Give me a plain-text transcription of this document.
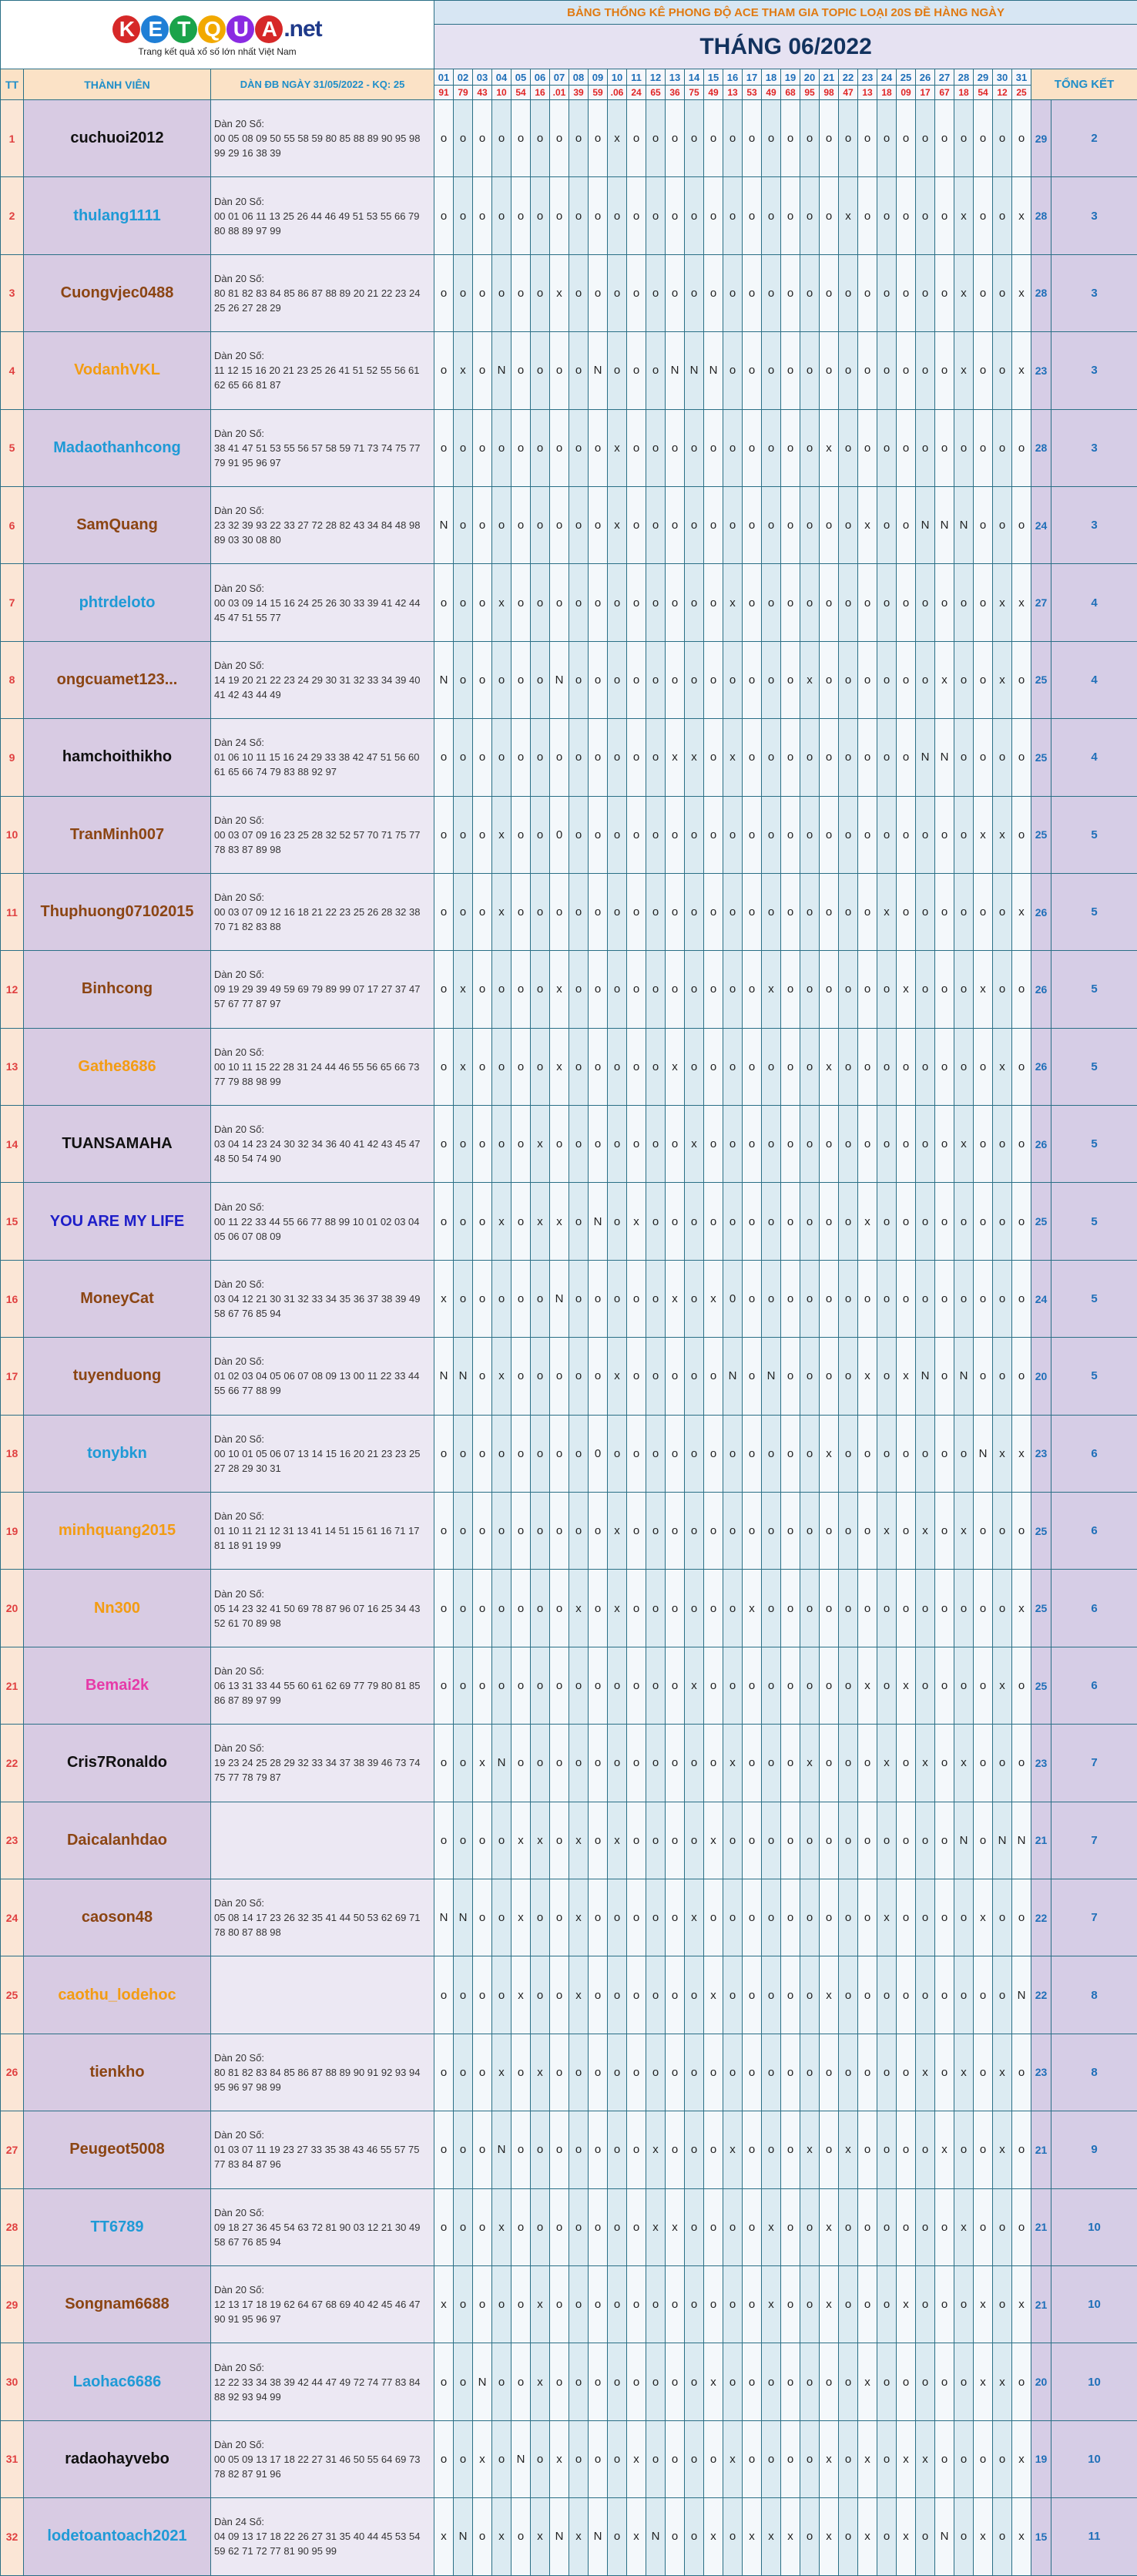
K E T Q U A .net
Trang kết quả xổ số lớn nhất Việt Nam			BẢNG THỐNG KÊ PHONG ĐỘ ACE THAM GIA TOPIC LOẠI 20S ĐỀ HÀNG NGÀY																																
			THÁNG 06/2022																																
TT	THÀNH VIÊN	DÀN ĐB NGÀY 31/05/2022 - KQ: 25	01	02	03	04	05	06	07	08	09	10	11	12	13	14	15	16	17	18	19	20	21	22	23	24	25	26	27	28	29	30	31	TỔNG KẾT	
			91	79	43	10	54	16	.01	39	59	.06	24	65	36	75	49	13	53	49	68	95	98	47	13	18	09	17	67	18	54	12	25		
1	cuchuoi2012	Dàn 20 Số:
00 05 08 09 50 55 58 59 80 85 88 89 90 95 98 99 29 16 38 39	o	o	o	o	o	o	o	o	o	x	o	o	o	o	o	o	o	o	o	o	o	o	o	o	o	o	o	o	o	o	o	29	2
2	thulang1111	Dàn 20 Số:
00 01 06 11 13 25 26 44 46 49 51 53 55 66 79 80 88 89 97 99	o	o	o	o	o	o	o	o	o	o	o	o	o	o	o	o	o	o	o	o	o	x	o	o	o	o	o	x	o	o	x	28	3
3	Cuongvjec0488	Dàn 20 Số:
80 81 82 83 84 85 86 87 88 89 20 21 22 23 24 25 26 27 28 29	o	o	o	o	o	o	x	o	o	o	o	o	o	o	o	o	o	o	o	o	o	o	o	o	o	o	o	x	o	o	x	28	3
4	VodanhVKL	Dàn 20 Số:
11 12 15 16 20 21 23 25 26 41 51 52 55 56 61 62 65 66 81 87	o	x	o	N	o	o	o	o	N	o	o	o	N	N	N	o	o	o	o	o	o	o	o	o	o	o	o	x	o	o	x	23	3
5	Madaothanhcong	Dàn 20 Số:
38 41 47 51 53 55 56 57 58 59 71 73 74 75 77 79 91 95 96 97	o	o	o	o	o	o	o	o	o	x	o	o	o	o	o	o	o	o	o	o	x	o	o	o	o	o	o	o	o	o	o	28	3
6	SamQuang	Dàn 20 Số:
23 32 39 93 22 33 27 72 28 82 43 34 84 48 98 89 03 30 08 80	N	o	o	o	o	o	o	o	o	x	o	o	o	o	o	o	o	o	o	o	o	o	x	o	o	N	N	N	o	o	o	24	3
7	phtrdeloto	Dàn 20 Số:
00 03 09 14 15 16 24 25 26 30 33 39 41 42 44 45 47 51 55 77	o	o	o	x	o	o	o	o	o	o	o	o	o	o	o	x	o	o	o	o	o	o	o	o	o	o	o	o	o	x	x	27	4
8	ongcuamet123...	Dàn 20 Số:
14 19 20 21 22 23 24 29 30 31 32 33 34 39 40 41 42 43 44 49	N	o	o	o	o	o	N	o	o	o	o	o	o	o	o	o	o	o	o	x	o	o	o	o	o	o	x	o	o	x	o	25	4
9	hamchoithikho	Dàn 24 Số:
01 06 10 11 15 16 24 29 33 38 42 47 51 56 60 61 65 66 74 79 83 88 92 97	o	o	o	o	o	o	o	o	o	o	o	o	x	x	o	x	o	o	o	o	o	o	o	o	o	N	N	o	o	o	o	25	4
10	TranMinh007	Dàn 20 Số:
00 03 07 09 16 23 25 28 32 52 57 70 71 75 77 78 83 87 89 98	o	o	o	x	o	o	0	o	o	o	o	o	o	o	o	o	o	o	o	o	o	o	o	o	o	o	o	o	x	x	o	25	5
11	Thuphuong07102015	Dàn 20 Số:
00 03 07 09 12 16 18 21 22 23 25 26 28 32 38 70 71 82 83 88	o	o	o	x	o	o	o	o	o	o	o	o	o	o	o	o	o	o	o	o	o	o	o	x	o	o	o	o	o	o	x	26	5
12	Binhcong	Dàn 20 Số:
09 19 29 39 49 59 69 79 89 99 07 17 27 37 47 57 67 77 87 97	o	x	o	o	o	o	x	o	o	o	o	o	o	o	o	o	o	x	o	o	o	o	o	o	x	o	o	o	x	o	o	26	5
13	Gathe8686	Dàn 20 Số:
00 10 11 15 22 28 31 24 44 46 55 56 65 66 73 77 79 88 98 99	o	x	o	o	o	o	x	o	o	o	o	o	x	o	o	o	o	o	o	o	x	o	o	o	o	o	o	o	o	x	o	26	5
14	TUANSAMAHA	Dàn 20 Số:
03 04 14 23 24 30 32 34 36 40 41 42 43 45 47 48 50 54 74 90	o	o	o	o	o	x	o	o	o	o	o	o	o	x	o	o	o	o	o	o	o	o	o	o	o	o	o	x	o	o	o	26	5
15	YOU ARE MY LIFE	Dàn 20 Số:
00 11 22 33 44 55 66 77 88 99 10 01 02 03 04 05 06 07 08 09	o	o	o	x	o	x	x	o	N	o	x	o	o	o	o	o	o	o	o	o	o	o	x	o	o	o	o	o	o	o	o	25	5
16	MoneyCat	Dàn 20 Số:
03 04 12 21 30 31 32 33 34 35 36 37 38 39 49 58 67 76 85 94	x	o	o	o	o	o	N	o	o	o	o	o	x	o	x	0	o	o	o	o	o	o	o	o	o	o	o	o	o	o	o	24	5
17	tuyenduong	Dàn 20 Số:
01 02 03 04 05 06 07 08 09 13 00 11 22 33 44 55 66 77 88 99	N	N	o	x	o	o	o	o	o	x	o	o	o	o	o	N	o	N	o	o	o	o	x	o	x	N	o	N	o	o	o	20	5
18	tonybkn	Dàn 20 Số:
00 10 01 05 06 07 13 14 15 16 20 21 23 23 25 27 28 29 30 31	o	o	o	o	o	o	o	o	0	o	o	o	o	o	o	o	o	o	o	o	x	o	o	o	o	o	o	o	N	x	x	23	6
19	minhquang2015	Dàn 20 Số:
01 10 11 21 12 31 13 41 14 51 15 61 16 71 17 81 18 91 19 99	o	o	o	o	o	o	o	o	o	x	o	o	o	o	o	o	o	o	o	o	o	o	o	x	o	x	o	x	o	o	o	25	6
20	Nn300	Dàn 20 Số:
05 14 23 32 41 50 69 78 87 96 07 16 25 34 43 52 61 70 89 98	o	o	o	o	o	o	o	x	o	x	o	o	o	o	o	o	x	o	o	o	o	o	o	o	o	o	o	o	o	o	x	25	6
21	Bemai2k	Dàn 20 Số:
06 13 31 33 44 55 60 61 62 69 77 79 80 81 85 86 87 89 97 99	o	o	o	o	o	o	o	o	o	o	o	o	o	x	o	o	o	o	o	o	o	o	x	o	x	o	o	o	o	x	o	25	6
22	Cris7Ronaldo	Dàn 20 Số:
19 23 24 25 28 29 32 33 34 37 38 39 46 73 74 75 77 78 79 87	o	o	x	N	o	o	o	o	o	o	o	o	o	o	o	x	o	o	o	x	o	o	o	x	o	x	o	x	o	o	o	23	7
23	Daicalanhdao		o	o	o	o	x	x	o	x	o	x	o	o	o	o	x	o	o	o	o	o	o	o	o	o	o	o	o	N	o	N	N	21	7
24	caoson48	Dàn 20 Số:
05 08 14 17 23 26 32 35 41 44 50 53 62 69 71 78 80 87 88 98	N	N	o	o	x	o	o	x	o	o	o	o	o	x	o	o	o	o	o	o	o	o	o	x	o	o	o	o	x	o	o	22	7
25	caothu_lodehoc		o	o	o	o	x	o	o	x	o	o	o	o	o	o	x	o	o	o	o	o	x	o	o	o	o	o	o	o	o	o	N	22	8
26	tienkho	Dàn 20 Số:
80 81 82 83 84 85 86 87 88 89 90 91 92 93 94 95 96 97 98 99	o	o	o	x	o	x	o	o	o	o	o	o	o	o	o	o	o	o	o	o	o	o	o	o	o	x	o	x	o	x	o	23	8
27	Peugeot5008	Dàn 20 Số:
01 03 07 11 19 23 27 33 35 38 43 46 55 57 75 77 83 84 87 96	o	o	o	N	o	o	o	o	o	o	o	x	o	o	o	x	o	o	o	x	o	x	o	o	o	o	x	o	o	x	o	21	9
28	TT6789	Dàn 20 Số:
09 18 27 36 45 54 63 72 81 90 03 12 21 30 49 58 67 76 85 94	o	o	o	x	o	o	o	o	o	o	o	x	x	o	o	o	o	x	o	o	x	o	o	o	o	o	o	x	o	o	o	21	10
29	Songnam6688	Dàn 20 Số:
12 13 17 18 19 62 64 67 68 69 40 42 45 46 47 90 91 95 96 97	x	o	o	o	o	x	o	o	o	o	o	o	o	o	o	o	o	x	o	o	x	o	o	o	x	o	o	o	x	o	x	21	10
30	Laohac6686	Dàn 20 Số:
12 22 33 34 38 39 42 44 47 49 72 74 77 83 84 88 92 93 94 99	o	o	N	o	o	x	o	o	o	o	o	o	o	o	x	o	o	o	o	o	o	o	x	o	o	o	o	o	x	x	o	20	10
31	radaohayvebo	Dàn 20 Số:
00 05 09 13 17 18 22 27 31 46 50 55 64 69 73 78 82 87 91 96	o	o	x	o	N	o	x	o	o	o	x	o	o	o	o	x	o	o	o	o	x	o	x	o	x	x	o	o	o	o	x	19	10
32	lodetoantoach2021	Dàn 24 Số:
04 09 13 17 18 22 26 27 31 35 40 44 45 53 54 59 62 71 72 77 81 90 95 99	x	N	o	x	o	x	N	x	N	o	x	N	o	o	x	o	x	x	x	o	x	o	x	o	x	o	N	o	x	o	x	15	11
